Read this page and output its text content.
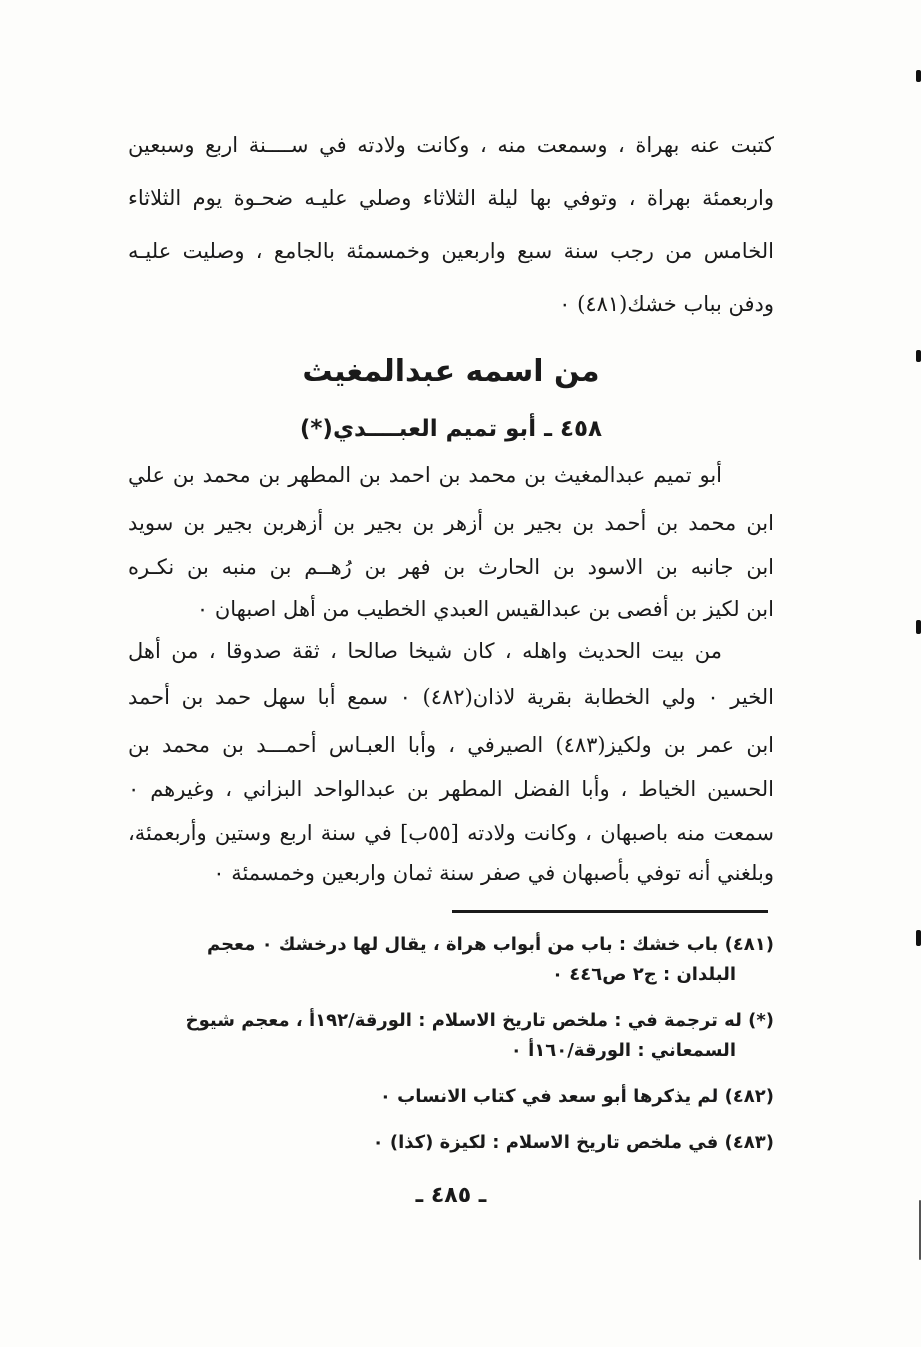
كتبت عنه بهراة ، وسمعت منه ، وكانت ولادته في ســــنة اربع وسبعين
واربعمئة بهراة ، وتوفي بها ليلة الثلاثاء وصلي عليـه ضحـوة يوم الثلاثاء
الخامس من رجب سنة سبع واربعين وخمسمئة بالجامع ، وصليت عليـه
ودفن بباب خشك(٤٨١) ٠
من اسمه عبدالمغيث
٤٥٨ ـ أبو تميم العبــــدي(*)
أبو تميم عبدالمغيث بن محمد بن احمد بن المطهر بن محمد بن علي
ابن محمد بن أحمد بن بجير بن أزهر بن بجير بن أزهربن بجير بن سويد
ابن جانبه بن الاسود بن الحارث بن فهر بن رُهــم بن منبه بن نكـره
ابن لكيز بن أفصى بن عبدالقيس العبدي الخطيب من أهل اصبهان ٠
من بيت الحديث واهله ، كان شيخا صالحا ، ثقة صدوقا ، من أهل
الخير ٠ ولي الخطابة بقرية لاذان(٤٨٢) ٠ سمع أبا سهل حمد بن أحمد
ابن عمر بن ولكيز(٤٨٣) الصيرفي ، وأبا العبـاس أحمـــد بن محمد بن
الحسين الخياط ، وأبا الفضل المطهر بن عبدالواحد البزاني ، وغيرهم ٠
سمعت منه باصبهان ، وكانت ولادته [٥٥ب] في سنة اربع وستين وأربعمئة،
وبلغني أنه توفي بأصبهان في صفر سنة ثمان واربعين وخمسمئة ٠
(٤٨١) باب خشك : باب من أبواب هراة ، يقال لها درخشك ٠ معجم
البلدان : ج٢ ص٤٤٦ ٠
(*) له ترجمة في : ملخص تاريخ الاسلام : الورقة/١٩٢أ ، معجم شيوخ
السمعاني : الورقة/١٦٠أ ٠
(٤٨٢) لم يذكرها أبو سعد في كتاب الانساب ٠
(٤٨٣) في ملخص تاريخ الاسلام : لكيزة (كذا) ٠
ـ ٤٨٥ ـ
